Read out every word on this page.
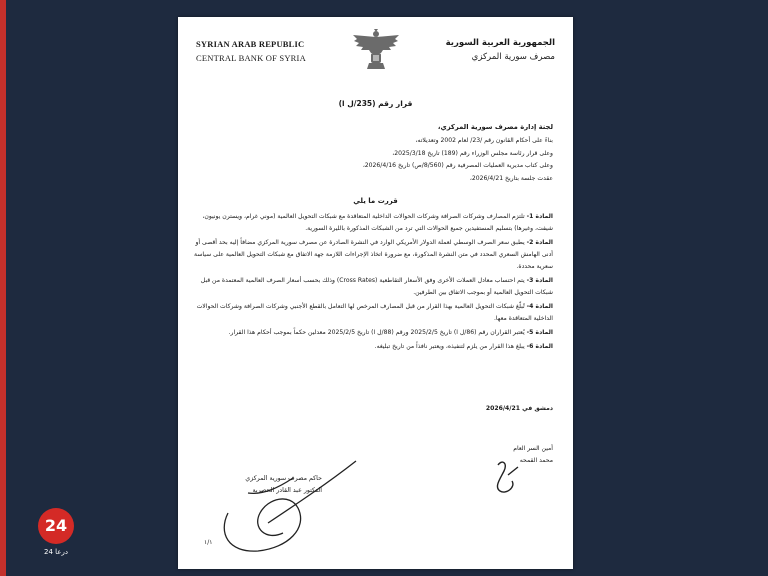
SYRIAN ARAB REPUBLIC
CENTRAL BANK OF SYRIA
الجمهورية العربية السورية
مصرف سورية المركزي
قرار رقم (235/ل ا)
لجنة إدارة مصرف سورية المركزي،
بناءً على أحكام القانون رقم /23/ لعام 2002 وتعديلاته،
وعلى قرار رئاسة مجلس الوزراء رقم (189) تاريخ 2025/3/18،
وعلى كتاب مديرية العمليات المصرفية رقم (8/560/ص) تاريخ 2026/4/16،
عقدت جلسة بتاريخ 2026/4/21،
قررت ما يلي
المادة 1- تلتزم المصارف وشركات الصرافة وشركات الحوالات الداخلية المتعاقدة مع شبكات التحويل العالمية (موني غرام، ويسترن يونيون، شيفت، وغيرها) بتسليم المستفيدين جميع الحوالات التي ترد من الشبكات المذكورة بالليرة السورية.
المادة 2- يطبق سعر الصرف الوسطي لعملة الدولار الأمريكي الوارد في النشرة الصادرة عن مصرف سورية المركزي مضافاً إليه بحد أقصى أو أدنى الهامش السعري المحدد في متن النشرة المذكورة، مع ضرورة اتخاذ الإجراءات اللازمة جهة الاتفاق مع شبكات التحويل العالمية على سياسة سعرية محددة.
المادة 3- يتم احتساب معادل العملات الأخرى وفق الأسعار التقاطعية (Cross Rates) وذلك بحسب أسعار الصرف العالمية المعتمدة من قبل شبكات التحويل العالمية أو بموجب الاتفاق بين الطرفين.
المادة 4- تُبلّغ شبكات التحويل العالمية بهذا القرار من قبل المصارف المرخص لها التعامل بالقطع الأجنبي وشركات الصرافة وشركات الحوالات الداخلية المتعاقدة معها.
المادة 5- يُعتبر القراران رقم (86/ل ا) تاريخ 2025/2/5 ورقم (88/ل ا) تاريخ 2025/2/5 معدلين حكماً بموجب أحكام هذا القرار.
المادة 6- يبلغ هذا القرار من يلزم لتنفيذه، ويعتبر نافذاً من تاريخ تبليغه.
دمشق في 2026/4/21
أمين السر العام
محمد القمحه
حاكم مصرف سورية المركزي
الدكتور عبد القادر الحصرية
١/١
24
درعا 24
